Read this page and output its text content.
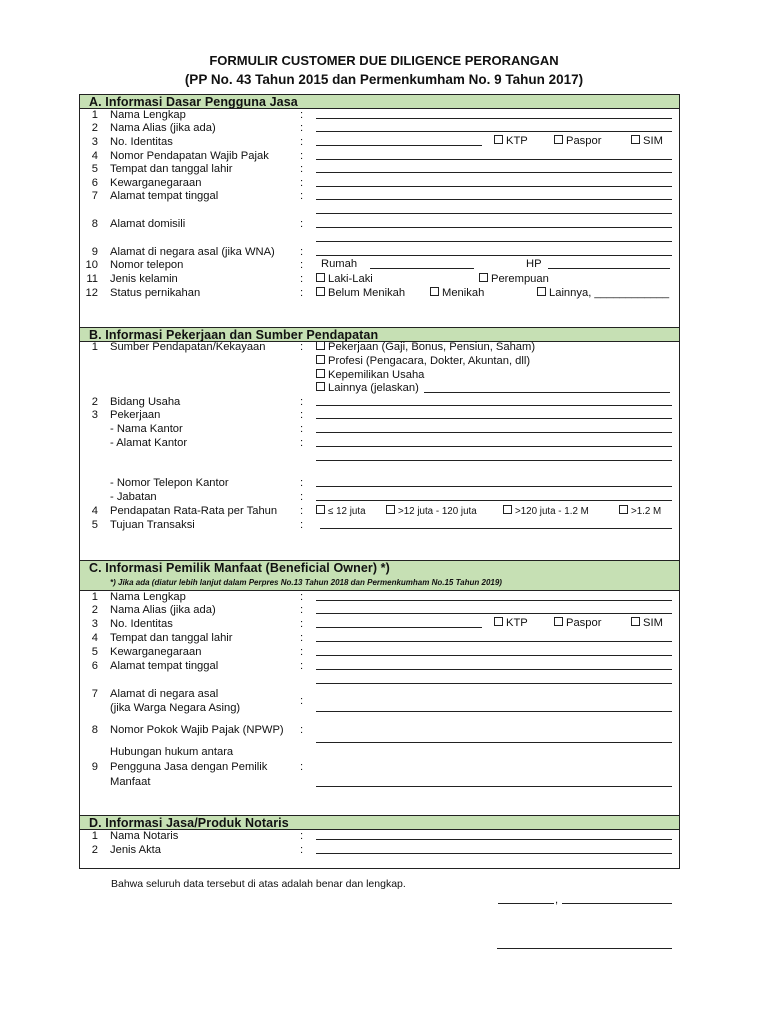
FORMULIR CUSTOMER DUE DILIGENCE PERORANGAN
(PP No. 43 Tahun 2015 dan Permenkumham No. 9 Tahun 2017)
A. Informasi Dasar Pengguna Jasa
1 Nama Lengkap	:
2 Nama Alias (jika ada)	:
3 No. Identitas	:	KTP	Paspor	SIM
4 Nomor Pendapatan Wajib Pajak	:
5 Tempat dan tanggal lahir	:
6 Kewarganegaraan	:
7 Alamat tempat tinggal	:
8 Alamat domisili	:
9 Alamat di negara asal (jika WNA) :
10 Nomor telepon	: Rumah	HP
11 Jenis kelamin	:	Laki-Laki	Perempuan
12 Status pernikahan	:	Belum Menikah	Menikah	Lainnya, ____________
B. Informasi Pekerjaan dan Sumber Pendapatan
1 Sumber Pendapatan/Kekayaan	:	Pekerjaan (Gaji, Bonus, Pensiun, Saham)
Profesi (Pengacara, Dokter, Akuntan, dll)
Kepemilikan Usaha
Lainnya (jelaskan)
2 Bidang Usaha	:
3 Pekerjaan	:
- Nama Kantor	:
- Alamat Kantor	:
- Nomor Telepon Kantor	:
- Jabatan	:
4 Pendapatan Rata-Rata per Tahun :	≤ 12 juta	>12 juta - 120 juta	>120 juta - 1.2 M	>1.2 M
5 Tujuan Transaksi	:
C. Informasi Pemilik Manfaat (Beneficial Owner) *)
*) Jika ada (diatur lebih lanjut dalam Perpres No.13 Tahun 2018 dan Permenkumham No.15 Tahun 2019)
1 Nama Lengkap	:
2 Nama Alias (jika ada)	:
3 No. Identitas	:	KTP	Paspor	SIM
4 Tempat dan tanggal lahir	:
5 Kewarganegaraan	:
6 Alamat tempat tinggal	:
7 Alamat di negara asal
(jika Warga Negara Asing)
:
8 Nomor Pokok Wajib Pajak (NPWP) :
Hubungan hukum antara
9 Pengguna Jasa dengan Pemilik	:
Manfaat
D. Informasi Jasa/Produk Notaris
1 Nama Notaris	:
2 Jenis Akta	:
Bahwa seluruh data tersebut di atas adalah benar dan lengkap.
,
